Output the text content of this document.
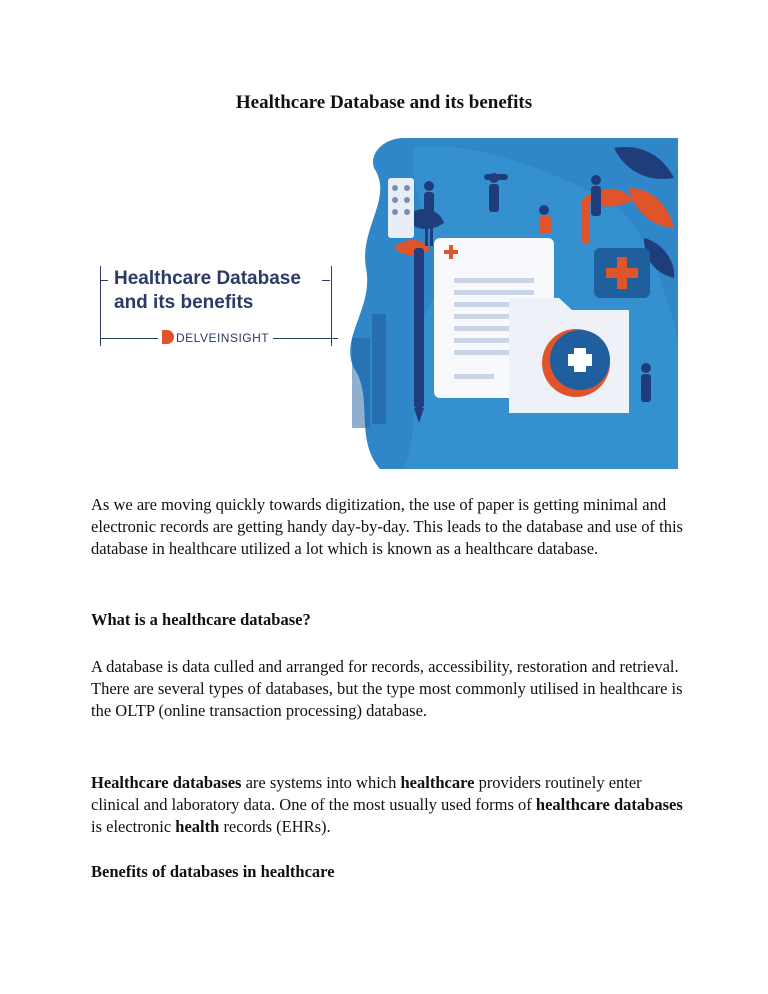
Healthcare Database and its benefits
Healthcare Database
and its benefits
DELVEINSIGHT

As we are moving quickly towards digitization, the use of paper is getting minimal and electronic records are getting handy day-by-day. This leads to the database and use of this database in healthcare utilized a lot which is known as a healthcare database.

What is a healthcare database?

A database is data culled and arranged for records, accessibility, restoration and retrieval. There are several types of databases, but the type most commonly utilised in healthcare is the OLTP (online transaction processing) database.

Healthcare databases are systems into which healthcare providers routinely enter clinical and laboratory data. One of the most usually used forms of healthcare databases is electronic health records (EHRs).

Benefits of databases in healthcare
